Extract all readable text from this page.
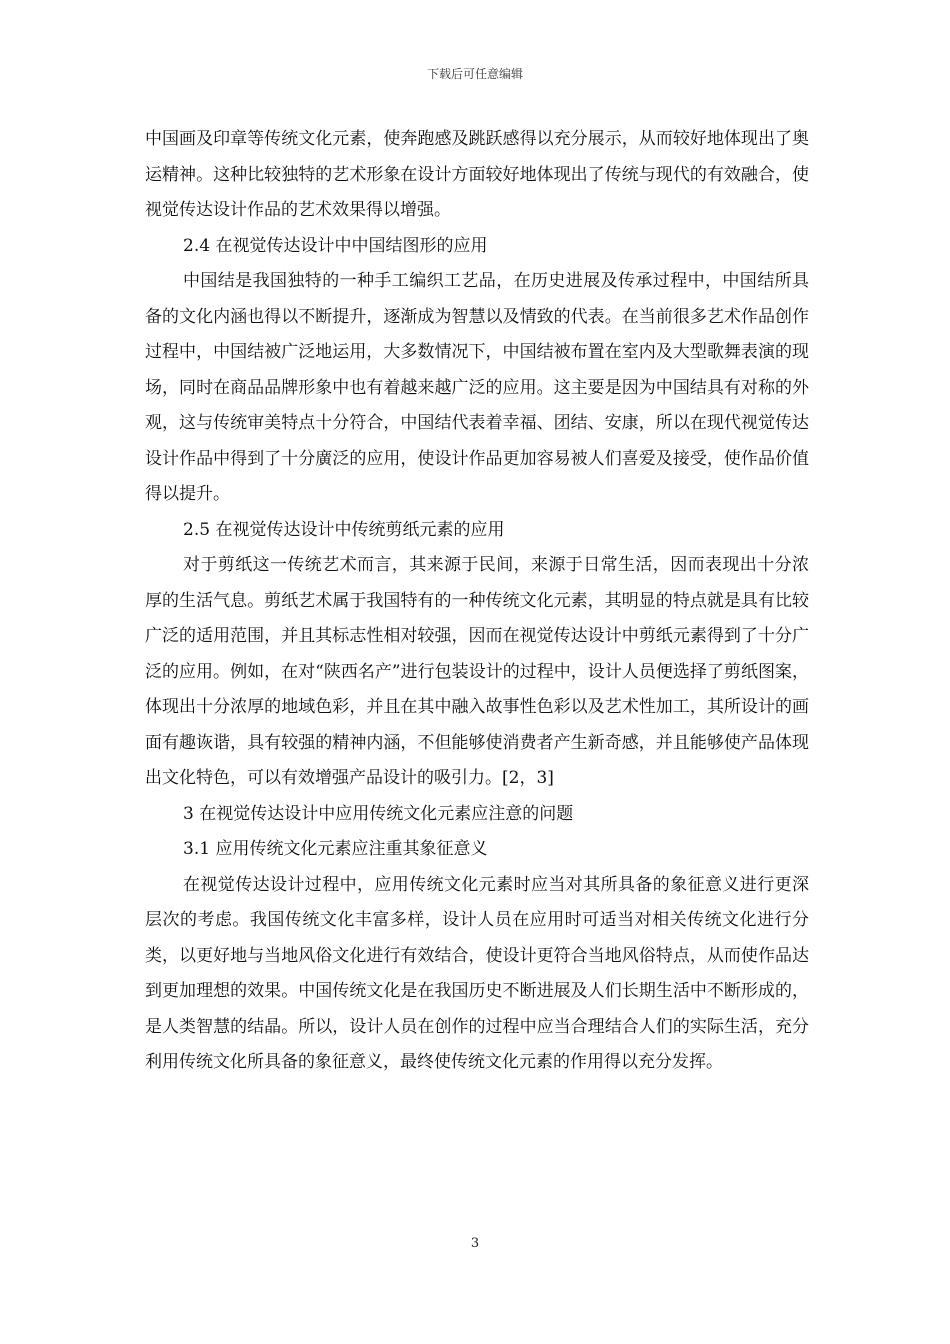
下载后可任意编辑

中国画及印章等传统文化元素，使奔跑感及跳跃感得以充分展示，从而较好地体现出了奥运精神。这种比较独特的艺术形象在设计方面较好地体现出了传统与现代的有效融合，使视觉传达设计作品的艺术效果得以增强。

2.4 在视觉传达设计中中国结图形的应用

中国结是我国独特的一种手工编织工艺品，在历史进展及传承过程中，中国结所具备的文化内涵也得以不断提升，逐渐成为智慧以及情致的代表。在当前很多艺术作品创作过程中，中国结被广泛地运用，大多数情况下，中国结被布置在室内及大型歌舞表演的现场，同时在商品品牌形象中也有着越来越广泛的应用。这主要是因为中国结具有对称的外观，这与传统审美特点十分符合，中国结代表着幸福、团结、安康，所以在现代视觉传达设计作品中得到了十分廣泛的应用，使设计作品更加容易被人们喜爱及接受，使作品价值得以提升。

2.5 在视觉传达设计中传统剪纸元素的应用

对于剪纸这一传统艺术而言，其来源于民间，来源于日常生活，因而表现出十分浓厚的生活气息。剪纸艺术属于我国特有的一种传统文化元素，其明显的特点就是具有比较广泛的适用范围，并且其标志性相对较强，因而在视觉传达设计中剪纸元素得到了十分广泛的应用。例如，在对“陕西名产”进行包装设计的过程中，设计人员便选择了剪纸图案，体现出十分浓厚的地域色彩，并且在其中融入故事性色彩以及艺术性加工，其所设计的画面有趣诙谐，具有较强的精神内涵，不但能够使消费者产生新奇感，并且能够使产品体现出文化特色，可以有效增强产品设计的吸引力。[2，3]

3 在视觉传达设计中应用传统文化元素应注意的问题

3.1 应用传统文化元素应注重其象征意义

在视觉传达设计过程中，应用传统文化元素时应当对其所具备的象征意义进行更深层次的考虑。我国传统文化丰富多样，设计人员在应用时可适当对相关传统文化进行分类，以更好地与当地风俗文化进行有效结合，使设计更符合当地风俗特点，从而使作品达到更加理想的效果。中国传统文化是在我国历史不断进展及人们长期生活中不断形成的，是人类智慧的结晶。所以，设计人员在创作的过程中应当合理结合人们的实际生活，充分利用传统文化所具备的象征意义，最终使传统文化元素的作用得以充分发挥。

3
